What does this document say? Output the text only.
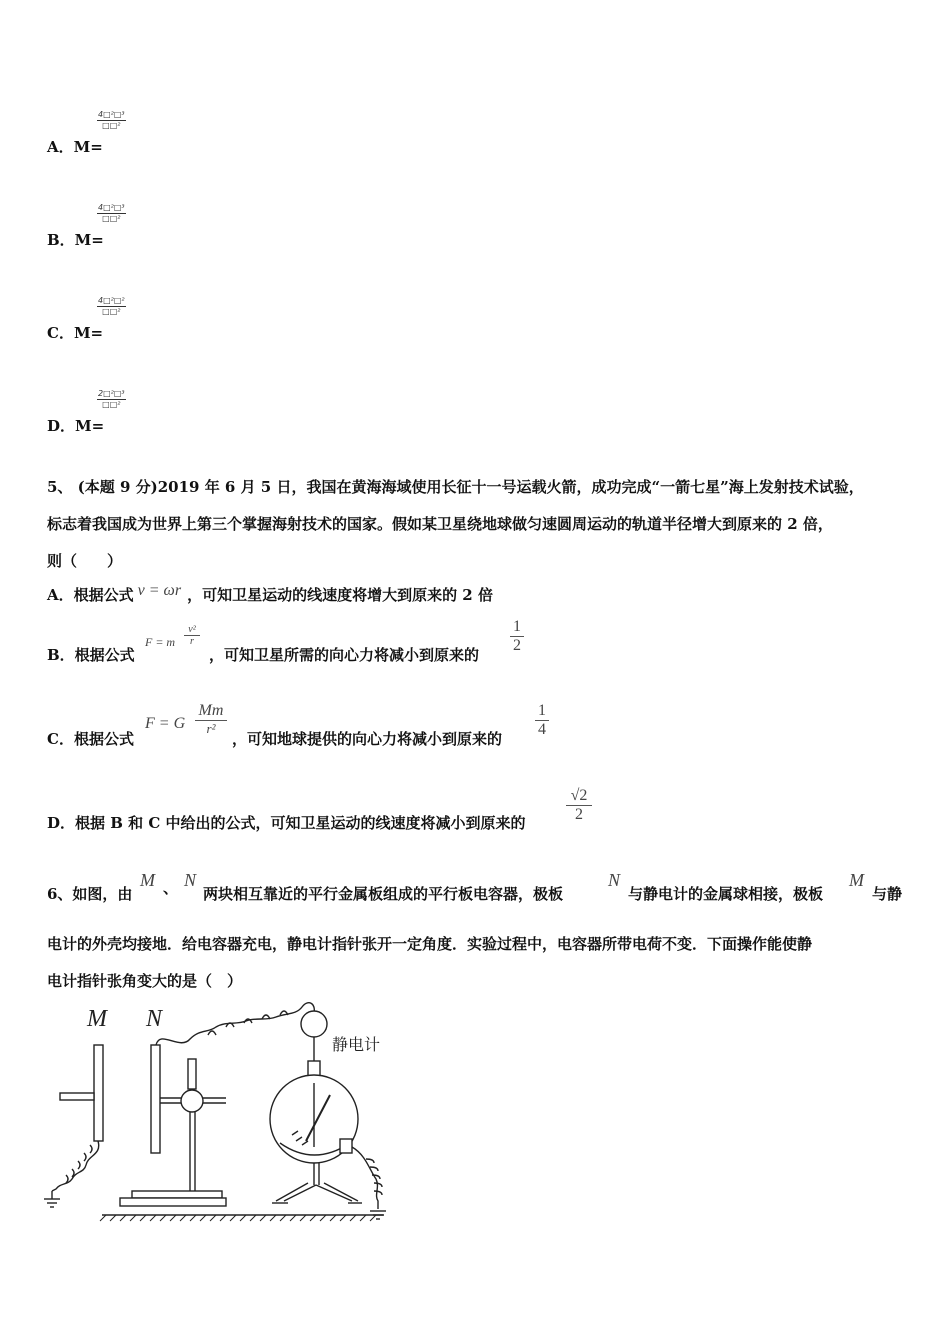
A．M=
4□²□³
□□²
B．M=
4□²□³
□□²
C．M=
4□²□²
□□²
D．M=
2□²□³
□□²
5、 (本题 9 分)2019 年 6 月 5 日，我国在黄海海域使用长征十一号运载火箭，成功完成“一箭七星”海上发射技术试验，
标志着我国成为世界上第三个掌握海射技术的国家。假如某卫星绕地球做匀速圆周运动的轨道半径增大到原来的 2 倍，
则（　　）
A．根据公式 v = ωr ，可知卫星运动的线速度将增大到原来的 2 倍
B．根据公式
F = m $\frac{\text{v²}}{r}$
，可知卫星所需的向心力将减小到原来的 $\frac{1}{2}$
C．根据公式
F = G
Mm
r²
，可知地球提供的向心力将减小到原来的 $\frac{1}{4}$
D．根据 B 和 C 中给出的公式，可知卫星运动的线速度将减小到原来的	$\frac{√2}{2}$
6、如图，由
M 、 N
两块相互靠近的平行金属板组成的平行板电容器，极板
N
与静电计的金属球相接，极板
M
与静
电计的外壳均接地．给电容器充电，静电计指针张开一定角度．实验过程中，电容器所带电荷不变．下面操作能使静
电计指针张角变大的是（　）
M N
静电计
